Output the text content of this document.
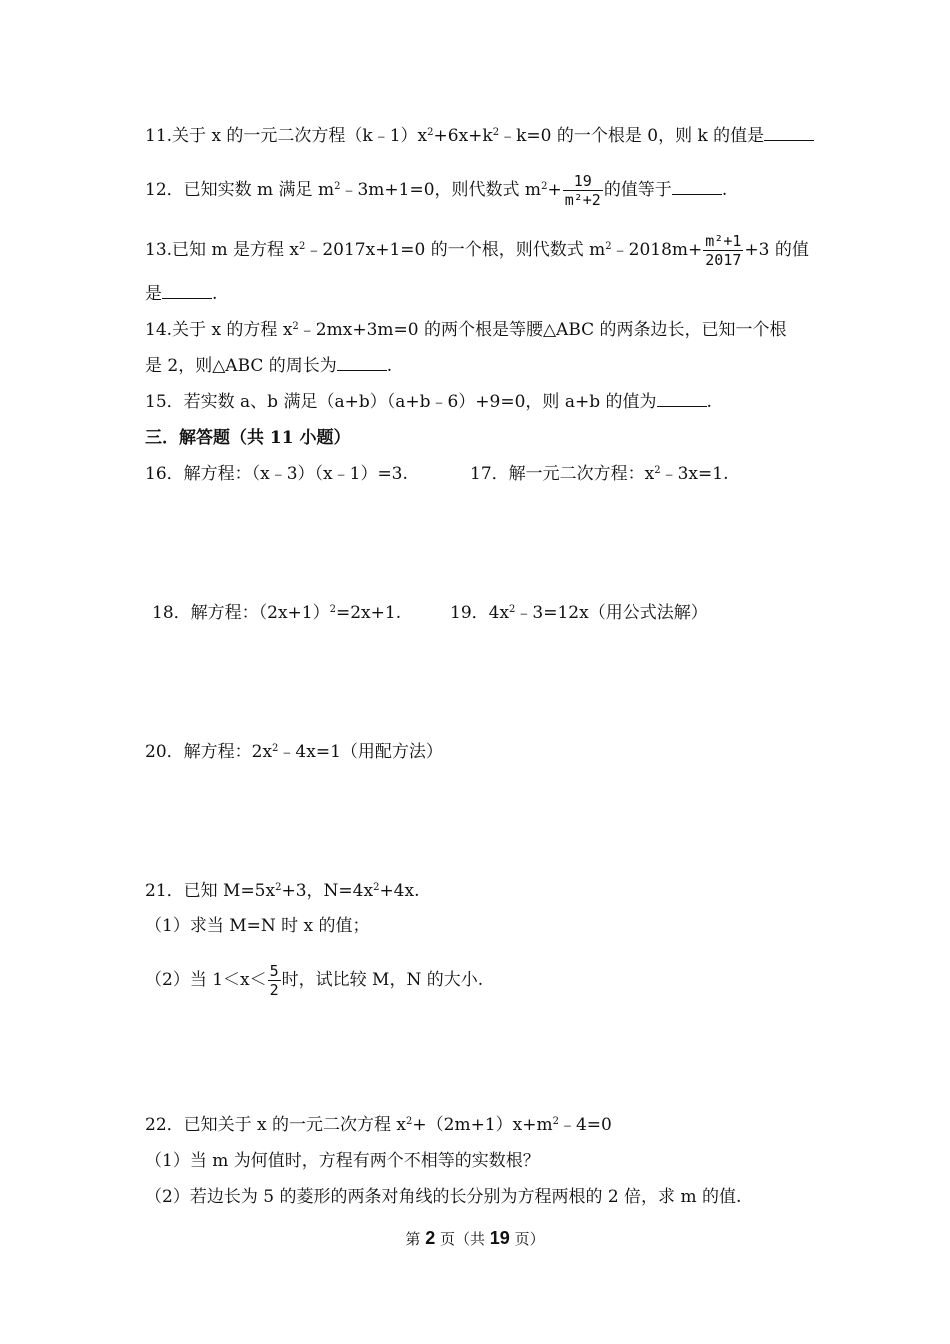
11.关于 x 的一元二次方程$(k﹣1)x^2+6x+k^2﹣k=0$ 的一个根是 0，则 k 的值是
12．已知实数 m 满足 $m^2﹣3m+1=0$，则代数式 $m^2+ \frac{19}{\text{m²+2}}$ 的值等于	.
13.已知 m 是方程 $x^2﹣2017x+1=0$ 的一个根，则代数式 $m^2﹣2018m+ \frac{\text{m²+1}}{2017} +3$ 的值
是	.
14.关于 x 的方程 $x^2﹣2mx+3m=0$ 的两个根是等腰△ABC 的两条边长，已知一个根
是 2，则△ABC 的周长为	.
15．若实数 a、b 满足（a+b）（a+b﹣6）+9=0，则 a+b 的值为	.
三．解答题（共 11 小题）
16．解方程：（x﹣3）（x﹣1）=3.	17．解一元二次方程：$x^2﹣3x=1$.
18．解方程：$(2x+1)^2=2x+1$.	19．$4x^2﹣3=12x$（用公式法解）
20．解方程：$2x^2﹣4x=1$（用配方法）
21．已知 $M=5x^2+3$，$N=4x^2+4x$.
（1）求当 M=N 时 x 的值；
（2）当 $1<x< \frac{5}{2}$ 时，试比较 M，N 的大小.
22．已知关于 x 的一元二次方程 $x^2+(2m+1)x+m^2﹣4=0$
（1）当 m 为何值时，方程有两个不相等的实数根？
（2）若边长为 5 的菱形的两条对角线的长分别为方程两根的 2 倍，求 m 的值.
第 2 页（共 19 页）
